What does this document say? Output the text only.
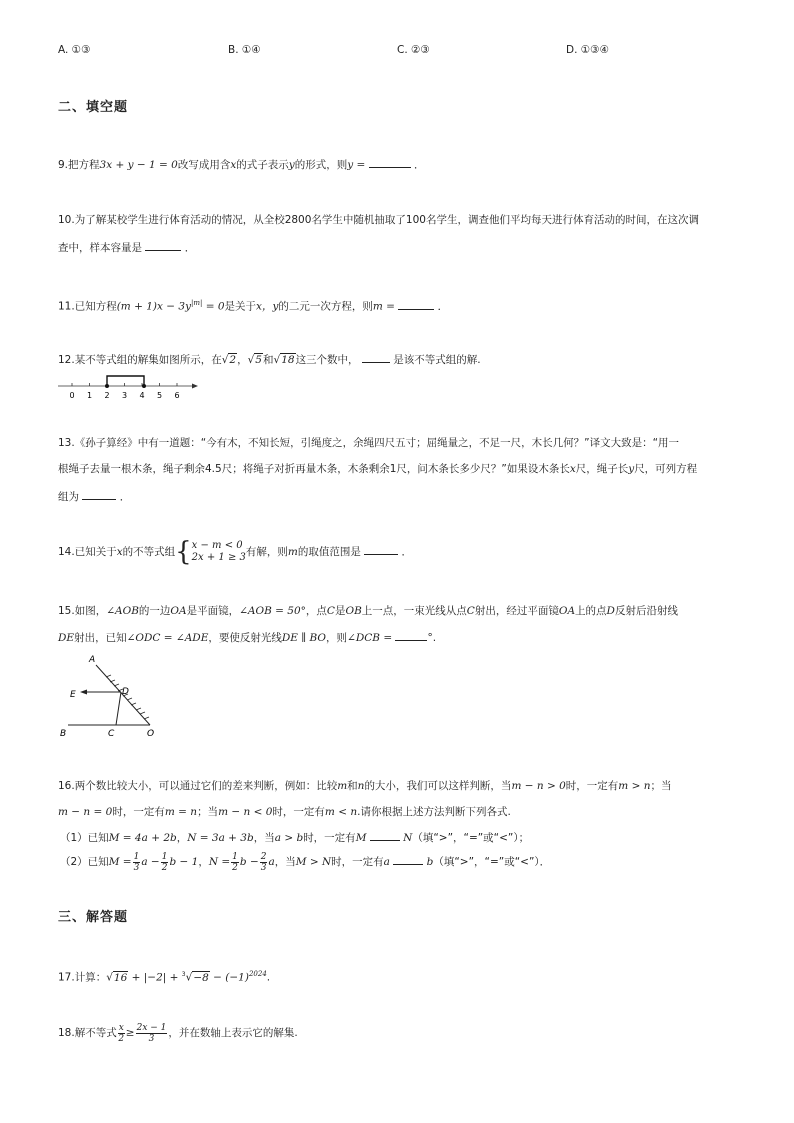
A. ①③	B. ①④	C. ②③	D. ①③④
二、填空题
9.把方程3x + y − 1 = 0改写成用含x的式子表示y的形式，则y =	．
10.为了解某校学生进行体育活动的情况，从全校2800名学生中随机抽取了100名学生，调查他们平均每天进行体育活动的时间，在这次调
查中，样本容量是	．
11.已知方程$(m + 1)x - 3y^{|m|} = 0$是关于x，y的二元一次方程，则m =	．
12.某不等式组的解集如图所示，在√2，√5和√18这三个数中，	是该不等式组的解.
0 1 2 3 4 5 6
13.《孙子算经》中有一道题：“今有木，不知长短，引绳度之，余绳四尺五寸；屈绳量之，不足一尺，木长几何？”译文大致是：“用一
根绳子去量一根木条，绳子剩余4.5尺；将绳子对折再量木条，木条剩余1尺，问木条长多少尺？”如果设木条长x尺，绳子长y尺，可列方程
组为	．
14.已知关于x的不等式组 { x − m < 0
2x + 1 ≥ 3 有解，则m的取值范围是	．
15.如图，∠AOB的一边OA是平面镜，∠AOB = 50°，点C是OB上一点，一束光线从点C射出，经过平面镜OA上的点D反射后沿射线
DE射出，已知∠ODC = ∠ADE，要使反射光线DE ∥ BO，则∠DCB =	°.
A
E	D
B	C	O
16.两个数比较大小，可以通过它们的差来判断，例如：比较m和n的大小，我们可以这样判断，当m − n > 0时，一定有m > n；当
m − n = 0时，一定有m = n；当m − n < 0时，一定有m < n.请你根据上述方法判断下列各式.
（1）已知M = 4a + 2b，N = 3a + 3b，当a > b时，一定有M	N（填“>”，“=”或“<”）；
（2）已知$M = \frac{1}{3}$ $a - \frac{1}{2}$ b − 1，$N = \frac{1}{2}$ $b - \frac{2}{3}$ a，当M > N时，一定有a	b（填“>”，“=”或“<”）．
三、解答题
17.计算：$√16 + |-2| + ^3√-8 - (-1)^{2024}$.
18.解不等式 $\frac{x}{2} \ge \frac{2x - 1}{3}$ ，并在数轴上表示它的解集.
